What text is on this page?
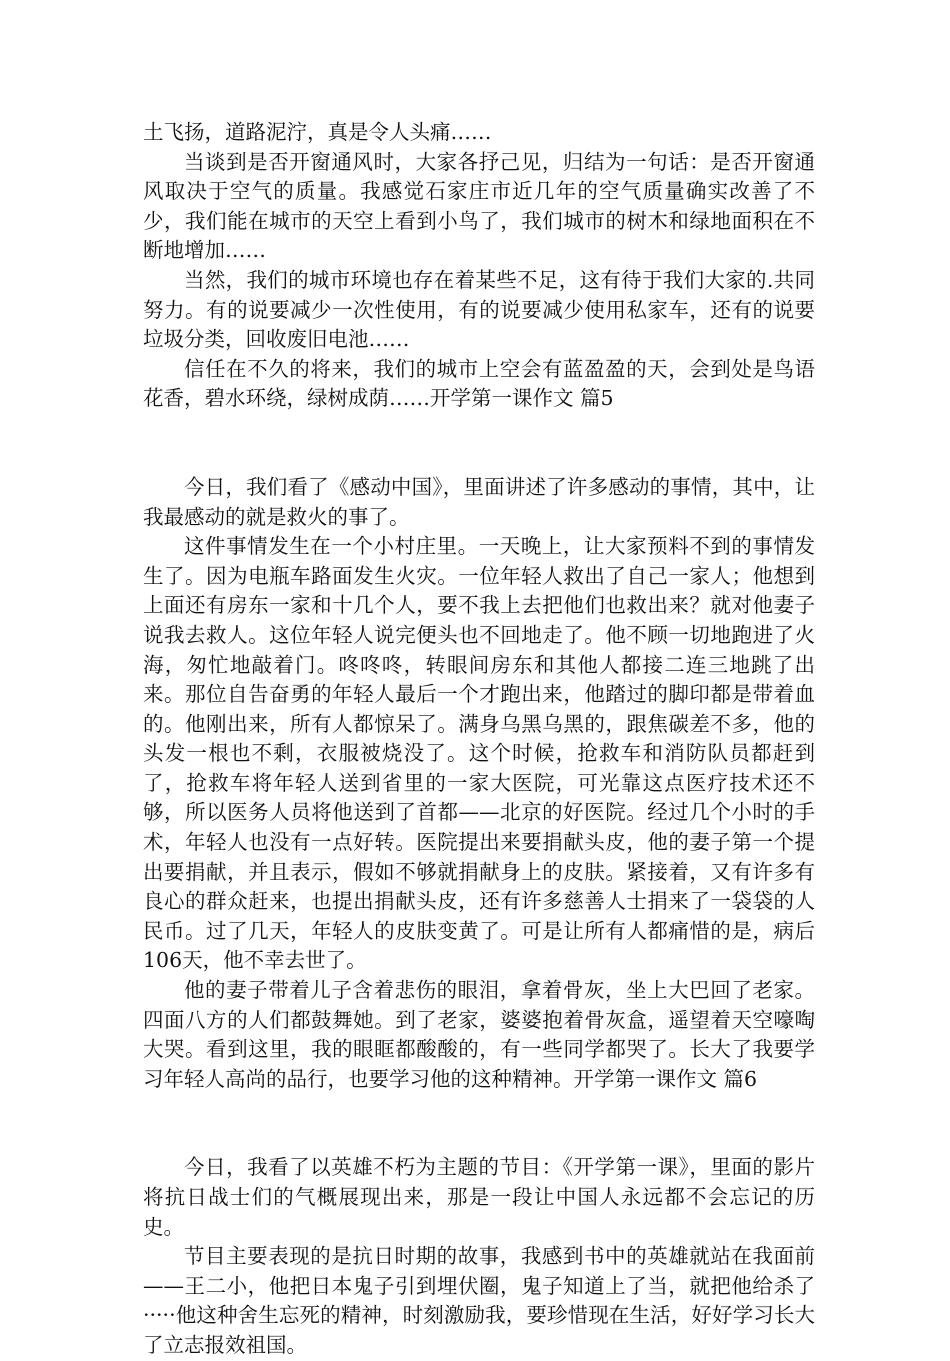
土飞扬，道路泥泞，真是令人头痛……

当谈到是否开窗通风时，大家各抒己见，归结为一句话：是否开窗通风取决于空气的质量。我感觉石家庄市近几年的空气质量确实改善了不少，我们能在城市的天空上看到小鸟了，我们城市的树木和绿地面积在不断地增加……

当然，我们的城市环境也存在着某些不足，这有待于我们大家的.共同努力。有的说要减少一次性使用，有的说要减少使用私家车，还有的说要垃圾分类，回收废旧电池……

信任在不久的将来，我们的城市上空会有蓝盈盈的天，会到处是鸟语花香，碧水环绕，绿树成荫……开学第一课作文 篇5

今日，我们看了《感动中国》，里面讲述了许多感动的事情，其中，让我最感动的就是救火的事了。

这件事情发生在一个小村庄里。一天晚上，让大家预料不到的事情发生了。因为电瓶车路面发生火灾。一位年轻人救出了自己一家人；他想到上面还有房东一家和十几个人，要不我上去把他们也救出来？就对他妻子说我去救人。这位年轻人说完便头也不回地走了。他不顾一切地跑进了火海，匆忙地敲着门。咚咚咚，转眼间房东和其他人都接二连三地跳了出来。那位自告奋勇的年轻人最后一个才跑出来，他踏过的脚印都是带着血的。他刚出来，所有人都惊呆了。满身乌黑乌黑的，跟焦碳差不多，他的头发一根也不剩，衣服被烧没了。这个时候，抢救车和消防队员都赶到了，抢救车将年轻人送到省里的一家大医院，可光靠这点医疗技术还不够，所以医务人员将他送到了首都——北京的好医院。经过几个小时的手术，年轻人也没有一点好转。医院提出来要捐献头皮，他的妻子第一个提出要捐献，并且表示，假如不够就捐献身上的皮肤。紧接着，又有许多有良心的群众赶来，也提出捐献头皮，还有许多慈善人士捐来了一袋袋的人民币。过了几天，年轻人的皮肤变黄了。可是让所有人都痛惜的是，病后106天，他不幸去世了。

他的妻子带着儿子含着悲伤的眼泪，拿着骨灰，坐上大巴回了老家。四面八方的人们都鼓舞她。到了老家，婆婆抱着骨灰盒，遥望着天空嚎啕大哭。看到这里，我的眼眶都酸酸的，有一些同学都哭了。长大了我要学习年轻人高尚的品行，也要学习他的这种精神。开学第一课作文 篇6

今日，我看了以英雄不朽为主题的节目：《开学第一课》，里面的影片将抗日战士们的气概展现出来，那是一段让中国人永远都不会忘记的历史。

节目主要表现的是抗日时期的故事，我感到书中的英雄就站在我面前——王二小，他把日本鬼子引到埋伏圈，鬼子知道上了当，就把他给杀了·····他这种舍生忘死的精神，时刻激励我，要珍惜现在生活，好好学习长大了立志报效祖国。
